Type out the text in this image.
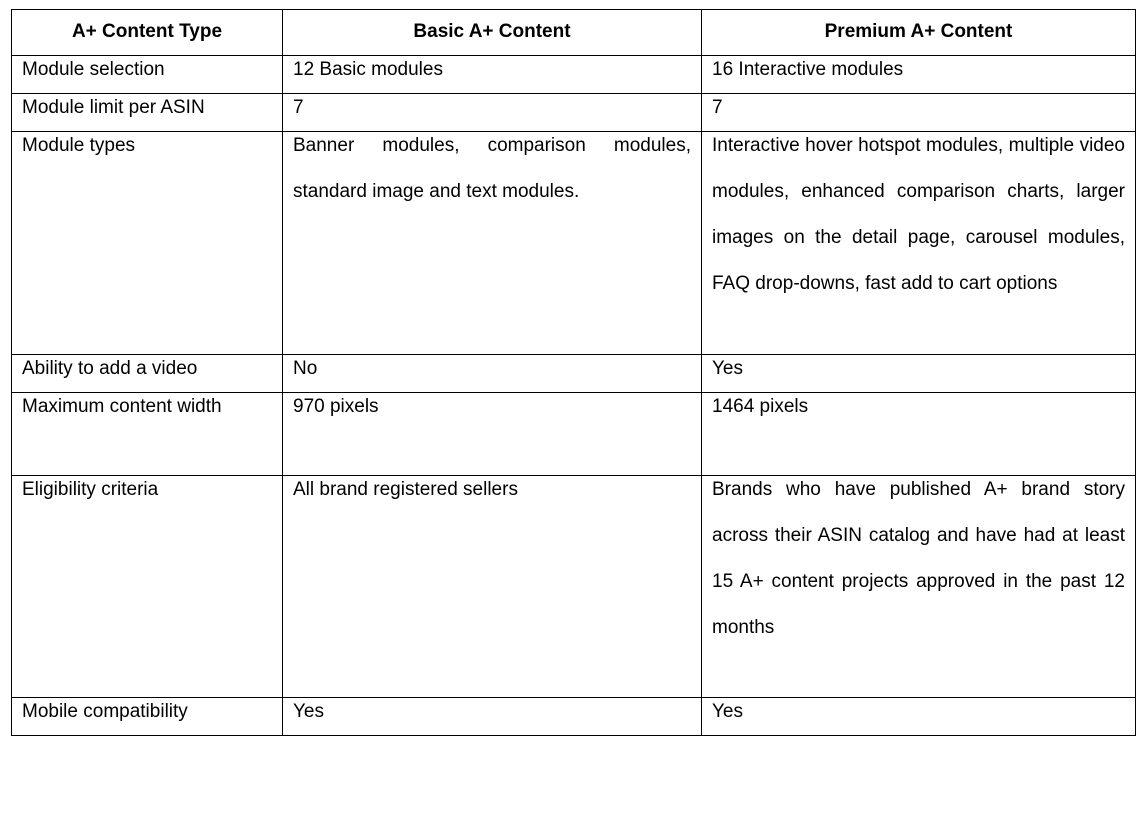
A+ Content Type	Basic A+ Content	Premium A+ Content

Module selection	12 Basic modules	16 Interactive modules

Module limit per ASIN	7	7

Module types	Banner modules, comparison modules, standard image and text modules.	Interactive hover hotspot modules, multiple video modules, enhanced comparison charts, larger images on the detail page, carousel modules, FAQ drop-downs, fast add to cart options

Ability to add a video	No	Yes

Maximum content width	970 pixels	1464 pixels

Eligibility criteria	All brand registered sellers	Brands who have published A+ brand story across their ASIN catalog and have had at least 15 A+ content projects approved in the past 12 months

Mobile compatibility	Yes	Yes
